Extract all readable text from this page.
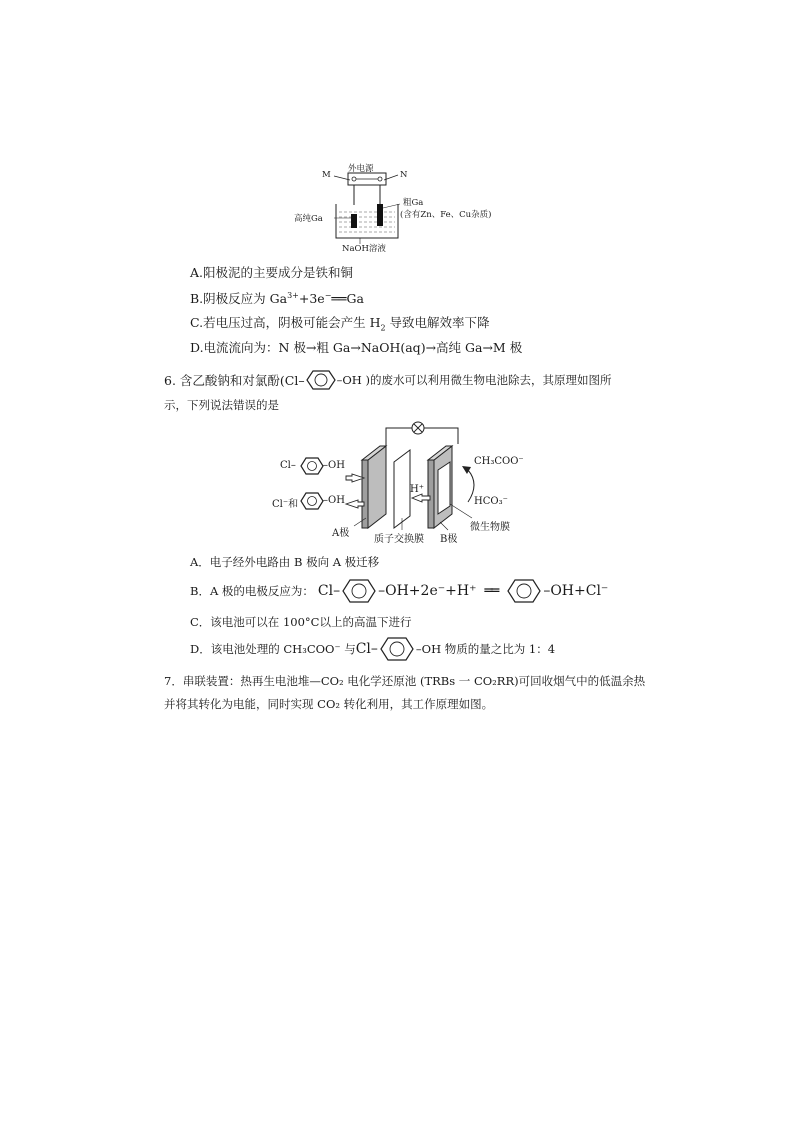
外电源
M	N
粗Ga
(含有Zn、Fe、Cu杂质)
高纯Ga
NaOH溶液
A.阳极泥的主要成分是铁和铜
B.阴极反应为 $Ga^{3+}+3e^-══Ga$
C.若电压过高，阴极可能会产生 $H_2$ 导致电解效率下降
D.电流流向为：N 极→粗 Ga→NaOH(aq)→高纯 Ga→M 极
6. 含乙酸钠和对氯酚(Cl–	–OH )的废水可以利用微生物电池除去，其原理如图所
示，下列说法错误的是
Cl–	–OH
Cl⁻和 –OH
CH₃COO⁻
H⁺
HCO₃⁻
微生物膜
A极
质子交换膜 B极
A．电子经外电路由 B 极向 A 极迁移
B．A 极的电极反应为： Cl–	–OH+2e⁻+H⁺ ══	–OH+Cl⁻
C．该电池可以在 100°C以上的高温下进行
D．该电池处理的 CH₃COO⁻ 与 Cl–	–OH 物质的量之比为 1：4
7．串联装置：热再生电池堆—CO₂ 电化学还原池 (TRBs 一 CO₂RR)可回收烟气中的低温余热
并将其转化为电能，同时实现 CO₂ 转化利用，其工作原理如图。
